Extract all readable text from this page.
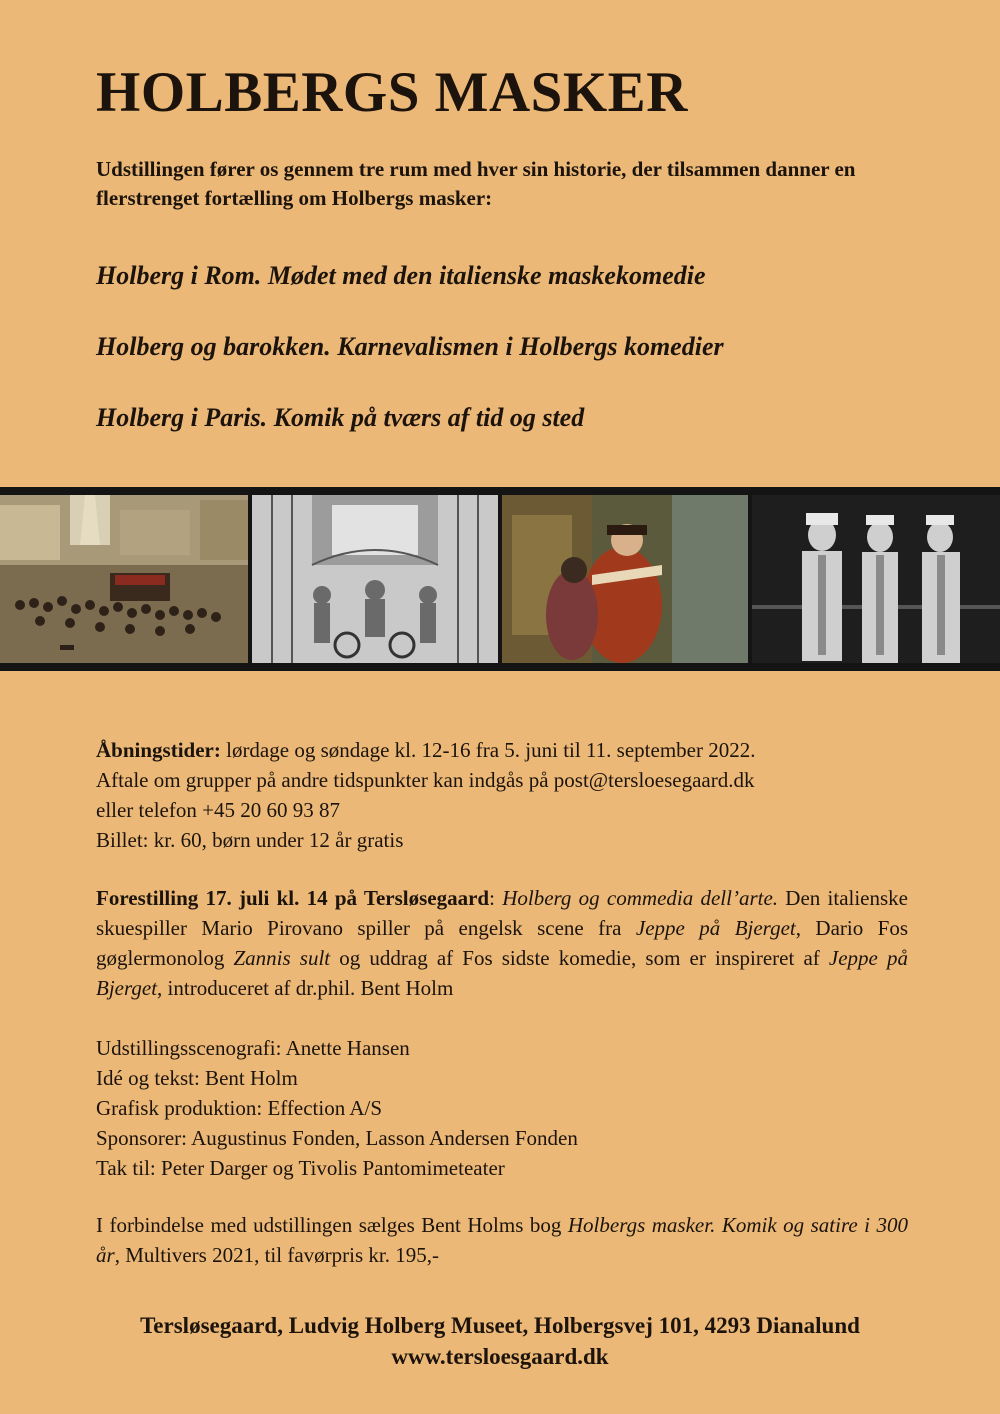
HOLBERGS MASKER

Udstillingen fører os gennem tre rum med hver sin historie, der tilsammen danner en flerstrenget fortælling om Holbergs masker:

Holberg i Rom. Mødet med den italienske maskekomedie
Holberg og barokken. Karnevalismen i Holbergs komedier
Holberg i Paris. Komik på tværs af tid og sted

Åbningstider: lørdage og søndage kl. 12-16 fra 5. juni til 11. september 2022.

Aftale om grupper på andre tidspunkter kan indgås på post@tersloesegaard.dk

eller telefon +45 20 60 93 87

Billet: kr. 60, børn under 12 år gratis

Forestilling 17. juli kl. 14 på Tersløsegaard: Holberg og commedia dell’arte. Den italienske skuespiller Mario Pirovano spiller på engelsk scene fra Jeppe på Bjerget, Dario Fos gøglermonolog Zannis sult og uddrag af Fos sidste komedie, som er inspireret af Jeppe på Bjerget, introduceret af dr.phil. Bent Holm

Udstillingsscenografi: Anette Hansen

Idé og tekst: Bent Holm

Grafisk produktion: Effection A/S

Sponsorer: Augustinus Fonden, Lasson Andersen Fonden

Tak til: Peter Darger og Tivolis Pantomimeteater

I forbindelse med udstillingen sælges Bent Holms bog Holbergs masker. Komik og satire i 300 år, Multivers 2021, til favørpris kr. 195,-

Tersløsegaard, Ludvig Holberg Museet, Holbergsvej 101, 4293 Dianalund
www.tersloesgaard.dk
